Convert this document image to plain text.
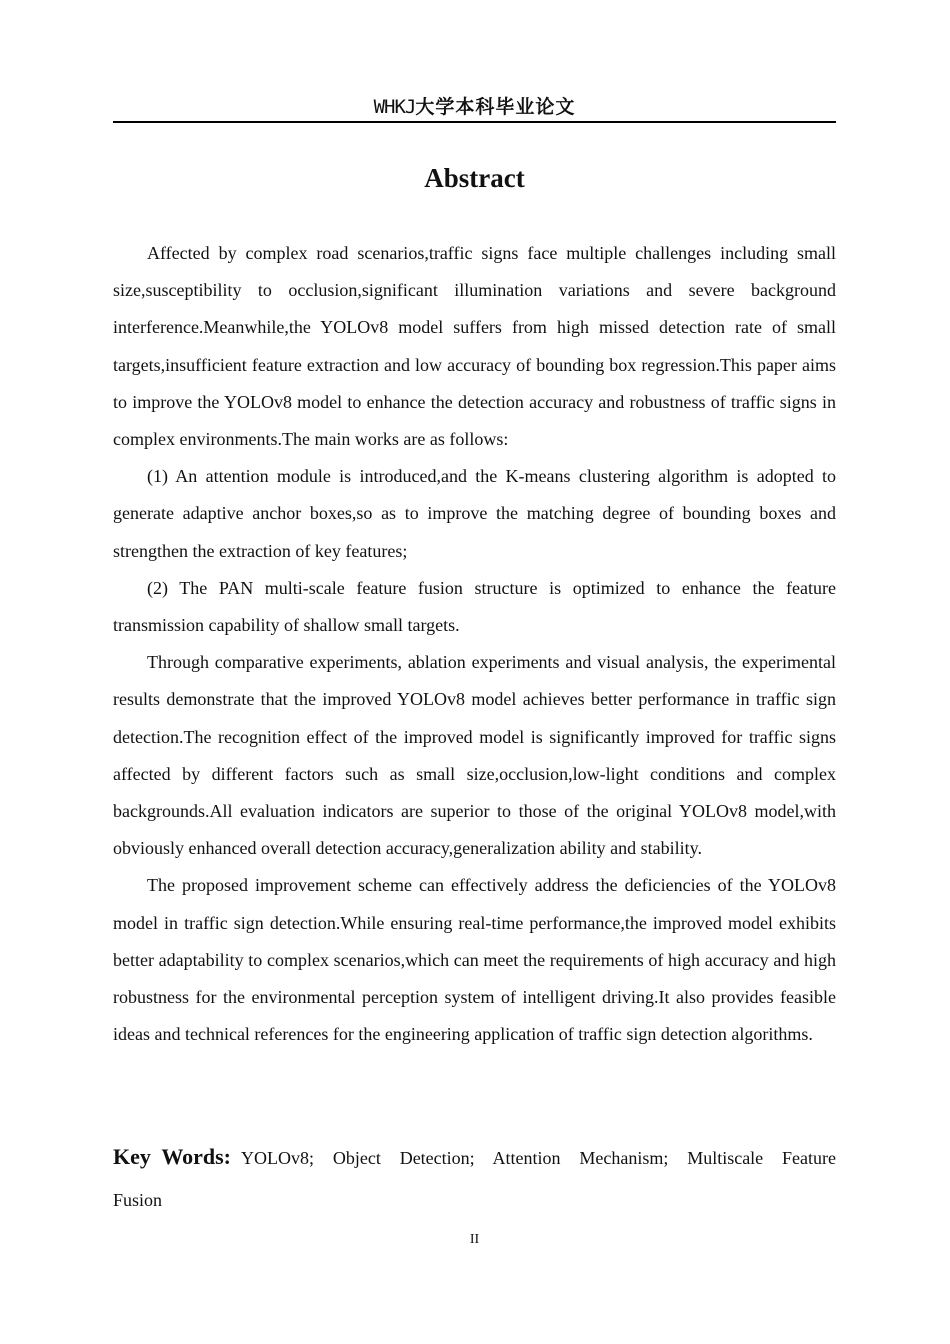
WHKJ大学本科毕业论文
Abstract

Affected by complex road scenarios,traffic signs face multiple challenges including small size,susceptibility to occlusion,significant illumination variations and severe background interference.Meanwhile,the YOLOv8 model suffers from high missed detection rate of small targets,insufficient feature extraction and low accuracy of bounding box regression.This paper aims to improve the YOLOv8 model to enhance the detection accuracy and robustness of traffic signs in complex environments.The main works are as follows:

(1) An attention module is introduced,and the K-means clustering algorithm is adopted to generate adaptive anchor boxes,so as to improve the matching degree of bounding boxes and strengthen the extraction of key features;

(2) The PAN multi-scale feature fusion structure is optimized to enhance the feature transmission capability of shallow small targets.

Through comparative experiments, ablation experiments and visual analysis, the experimental results demonstrate that the improved YOLOv8 model achieves better performance in traffic sign detection.The recognition effect of the improved model is significantly improved for traffic signs affected by different factors such as small size,occlusion,low-light conditions and complex backgrounds.All evaluation indicators are superior to those of the original YOLOv8 model,with obviously enhanced overall detection accuracy,generalization ability and stability.

The proposed improvement scheme can effectively address the deficiencies of the YOLOv8 model in traffic sign detection.While ensuring real-time performance,the improved model exhibits better adaptability to complex scenarios,which can meet the requirements of high accuracy and high robustness for the environmental perception system of intelligent driving.It also provides feasible ideas and technical references for the engineering application of traffic sign detection algorithms.

Key Words: YOLOv8; Object Detection; Attention Mechanism; Multiscale Feature Fusion

II
